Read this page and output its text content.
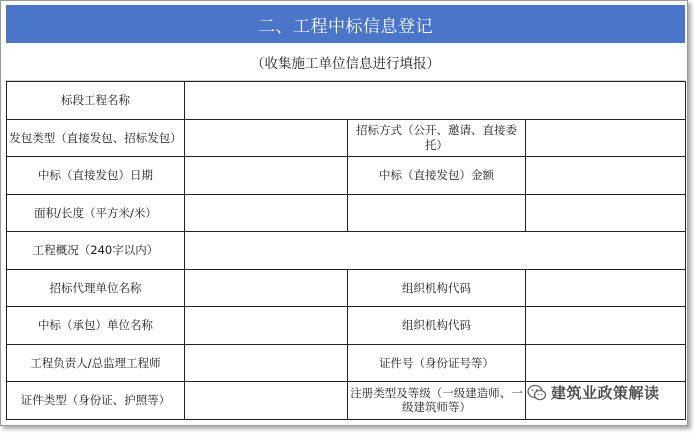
二、工程中标信息登记
（收集施工单位信息进行填报）
标段工程名称			
发包类型（直接发包、招标发包）		招标方式（公开、邀请、直接委托）	
中标（直接发包）日期		中标（直接发包）金额	
面积/长度（平方米/米）			
工程概况（240字以内）			
招标代理单位名称		组织机构代码	
中标（承包）单位名称		组织机构代码	
工程负责人/总监理工程师		证件号（身份证号等）	
证件类型（身份证、护照等）		注册类型及等级（一级建造师、一级建筑师等）	
建筑业政策解读
